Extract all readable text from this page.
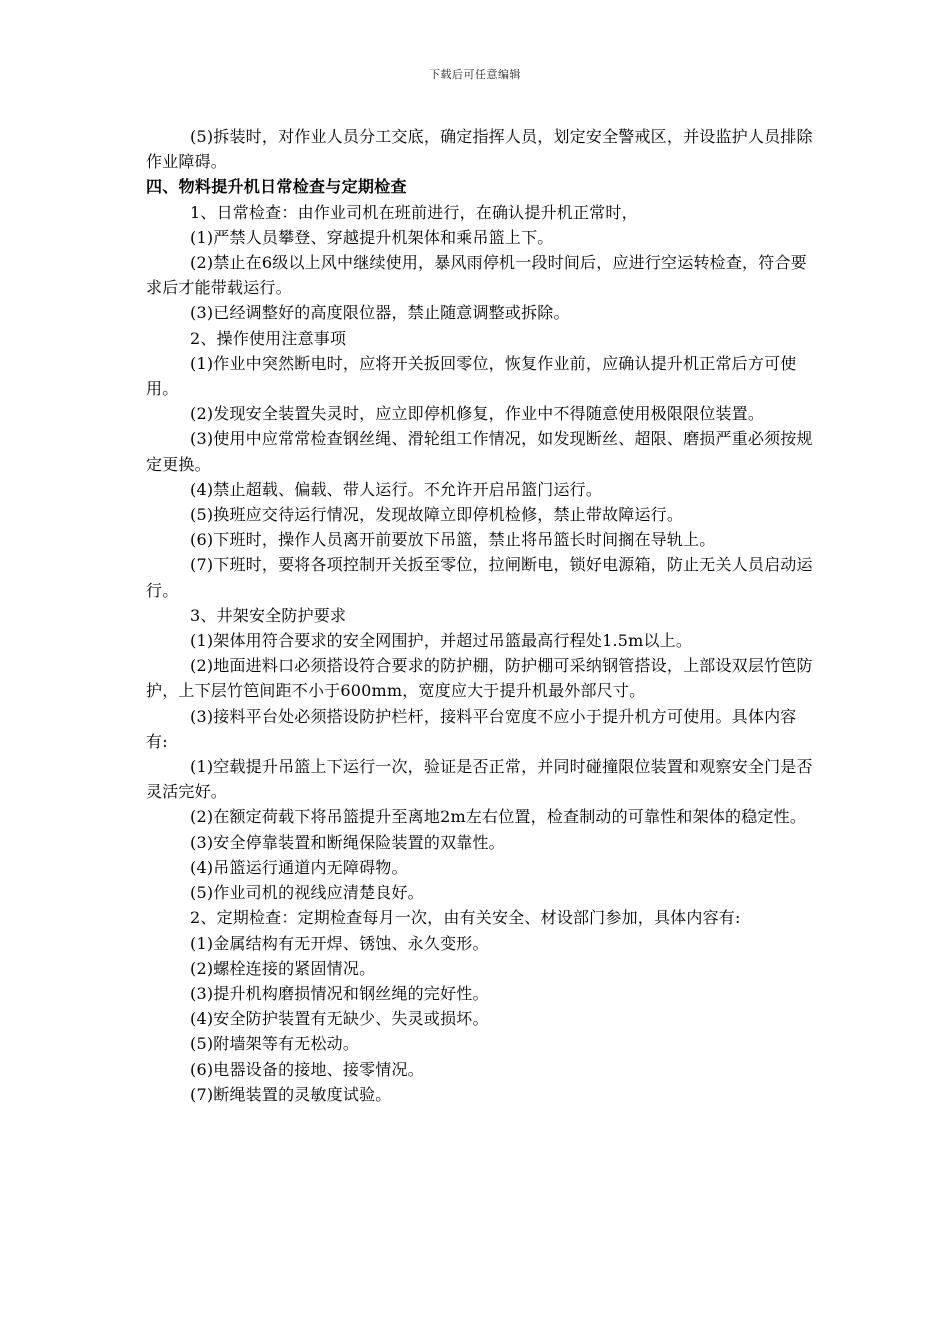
下载后可任意编辑

(5)拆装时，对作业人员分工交底，确定指挥人员，划定安全警戒区，并设监护人员排除作业障碍。

四、物料提升机日常检查与定期检查

1、日常检查：由作业司机在班前进行，在确认提升机正常时，

(1)严禁人员攀登、穿越提升机架体和乘吊篮上下。

(2)禁止在6级以上风中继续使用，暴风雨停机一段时间后，应进行空运转检查，符合要求后才能带载运行。

(3)已经调整好的高度限位器，禁止随意调整或拆除。

2、操作使用注意事项

(1)作业中突然断电时，应将开关扳回零位，恢复作业前，应确认提升机正常后方可使用。

(2)发现安全装置失灵时，应立即停机修复，作业中不得随意使用极限限位装置。

(3)使用中应常常检查钢丝绳、滑轮组工作情况，如发现断丝、超限、磨损严重必须按规定更换。

(4)禁止超载、偏载、带人运行。不允许开启吊篮门运行。

(5)换班应交待运行情况，发现故障立即停机检修，禁止带故障运行。

(6)下班时，操作人员离开前要放下吊篮，禁止将吊篮长时间搁在导轨上。

(7)下班时，要将各项控制开关扳至零位，拉闸断电，锁好电源箱，防止无关人员启动运行。

3、井架安全防护要求

(1)架体用符合要求的安全网围护，并超过吊篮最高行程处1.5m以上。

(2)地面进料口必须搭设符合要求的防护棚，防护棚可采纳钢管搭设，上部设双层竹笆防护，上下层竹笆间距不小于600mm，宽度应大于提升机最外部尺寸。

(3)接料平台处必须搭设防护栏杆，接料平台宽度不应小于提升机方可使用。具体内容有:

(1)空载提升吊篮上下运行一次，验证是否正常，并同时碰撞限位装置和观察安全门是否灵活完好。

(2)在额定荷载下将吊篮提升至离地2m左右位置，检查制动的可靠性和架体的稳定性。

(3)安全停靠装置和断绳保险装置的双靠性。

(4)吊篮运行通道内无障碍物。

(5)作业司机的视线应清楚良好。

2、定期检查：定期检查每月一次，由有关安全、材设部门参加，具体内容有:

(1)金属结构有无开焊、锈蚀、永久变形。

(2)螺栓连接的紧固情况。

(3)提升机构磨损情况和钢丝绳的完好性。

(4)安全防护装置有无缺少、失灵或损坏。

(5)附墙架等有无松动。

(6)电器设备的接地、接零情况。

(7)断绳装置的灵敏度试验。
